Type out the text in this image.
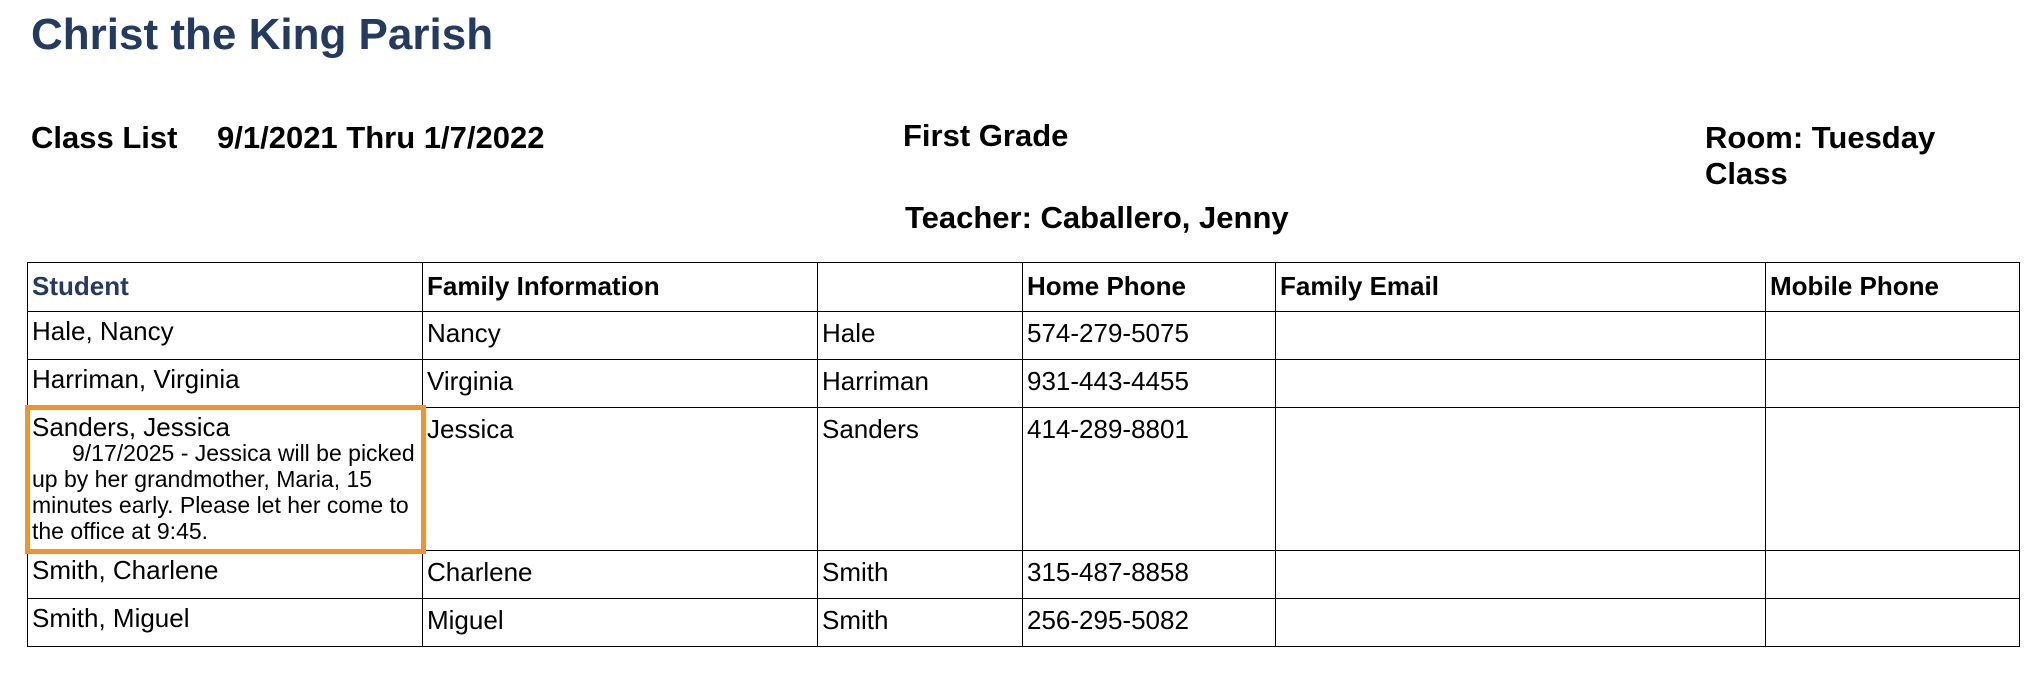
Christ the King Parish
Class List 9/1/2021 Thru 1/7/2022	First Grade	Room: Tuesday Class
Teacher: Caballero, Jenny
Student	Family Information		Home Phone	Family Email	Mobile Phone

Hale, Nancy	Nancy	Hale	574-279-5075		

Harriman, Virginia	Virginia	Harriman	931-443-4455		

Sanders, Jessica
9/17/2025 - Jessica will be picked up by her grandmother, Maria, 15 minutes early. Please let her come to the office at 9:45.	Jessica	Sanders	414-289-8801		

Smith, Charlene	Charlene	Smith	315-487-8858		

Smith, Miguel	Miguel	Smith	256-295-5082		
